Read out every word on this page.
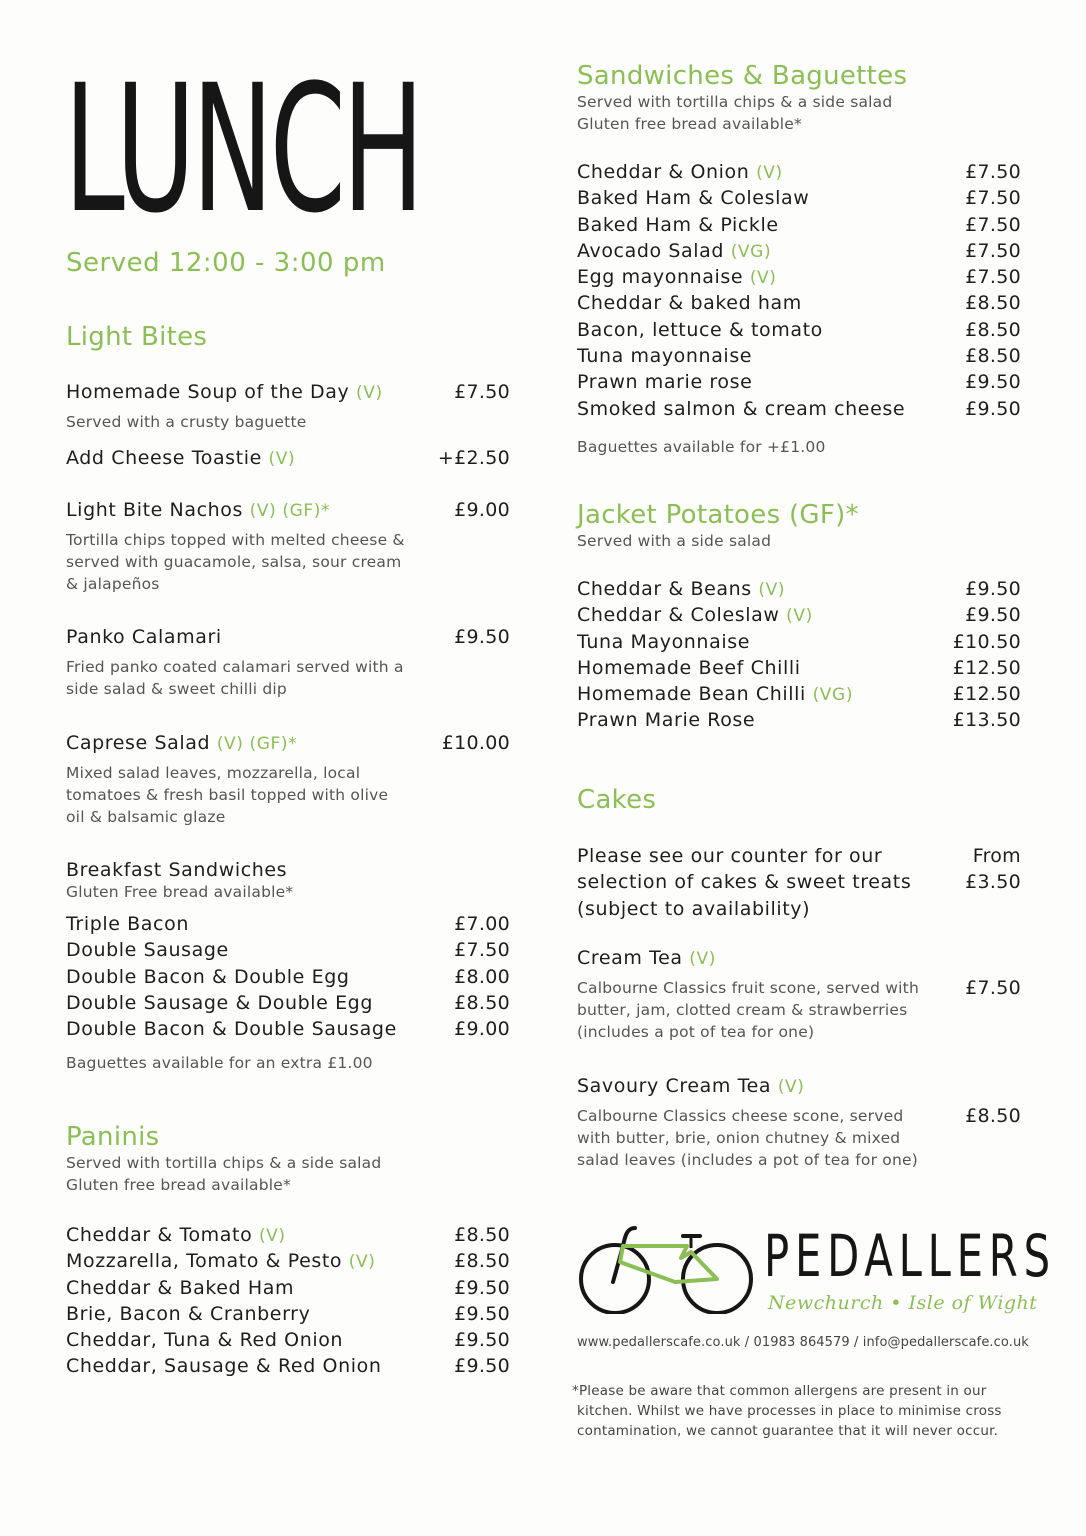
LUNCH
Served 12:00 - 3:00 pm
Light Bites
Homemade Soup of the Day (V)	£7.50
Served with a crusty baguette
Add Cheese Toastie (V)	+£2.50
Light Bite Nachos (V) (GF)*	£9.00
Tortilla chips topped with melted cheese &
served with guacamole, salsa, sour cream
& jalapeños
Panko Calamari	£9.50
Fried panko coated calamari served with a
side salad & sweet chilli dip
Caprese Salad (V) (GF)*	£10.00
Mixed salad leaves, mozzarella, local
tomatoes & fresh basil topped with olive
oil & balsamic glaze
Breakfast Sandwiches
Gluten Free bread available*
Triple Bacon	£7.00
Double Sausage	£7.50
Double Bacon & Double Egg	£8.00
Double Sausage & Double Egg	£8.50
Double Bacon & Double Sausage	£9.00
Baguettes available for an extra £1.00
Paninis
Served with tortilla chips & a side salad
Gluten free bread available*
Cheddar & Tomato (V)	£8.50
Mozzarella, Tomato & Pesto (V)	£8.50
Cheddar & Baked Ham	£9.50
Brie, Bacon & Cranberry	£9.50
Cheddar, Tuna & Red Onion	£9.50
Cheddar, Sausage & Red Onion	£9.50
Sandwiches & Baguettes
Served with tortilla chips & a side salad
Gluten free bread available*
Cheddar & Onion (V)	£7.50
Baked Ham & Coleslaw	£7.50
Baked Ham & Pickle	£7.50
Avocado Salad (VG)	£7.50
Egg mayonnaise (V)	£7.50
Cheddar & baked ham	£8.50
Bacon, lettuce & tomato	£8.50
Tuna mayonnaise	£8.50
Prawn marie rose	£9.50
Smoked salmon & cream cheese	£9.50
Baguettes available for +£1.00
Jacket Potatoes (GF)*
Served with a side salad
Cheddar & Beans (V)	£9.50
Cheddar & Coleslaw (V)	£9.50
Tuna Mayonnaise	£10.50
Homemade Beef Chilli	£12.50
Homemade Bean Chilli (VG)	£12.50
Prawn Marie Rose	£13.50
Cakes
Please see our counter for our
selection of cakes & sweet treats
(subject to availability)
From
£3.50
Cream Tea (V)
Calbourne Classics fruit scone, served with
butter, jam, clotted cream & strawberries
(includes a pot of tea for one)
£7.50
Savoury Cream Tea (V)
Calbourne Classics cheese scone, served
with butter, brie, onion chutney & mixed
salad leaves (includes a pot of tea for one)
£8.50
PEDALLERS
Newchurch • Isle of Wight
www.pedallerscafe.co.uk / 01983 864579 / info@pedallerscafe.co.uk
*Please be aware that common allergens are present in our
kitchen. Whilst we have processes in place to minimise cross
contamination, we cannot guarantee that it will never occur.
